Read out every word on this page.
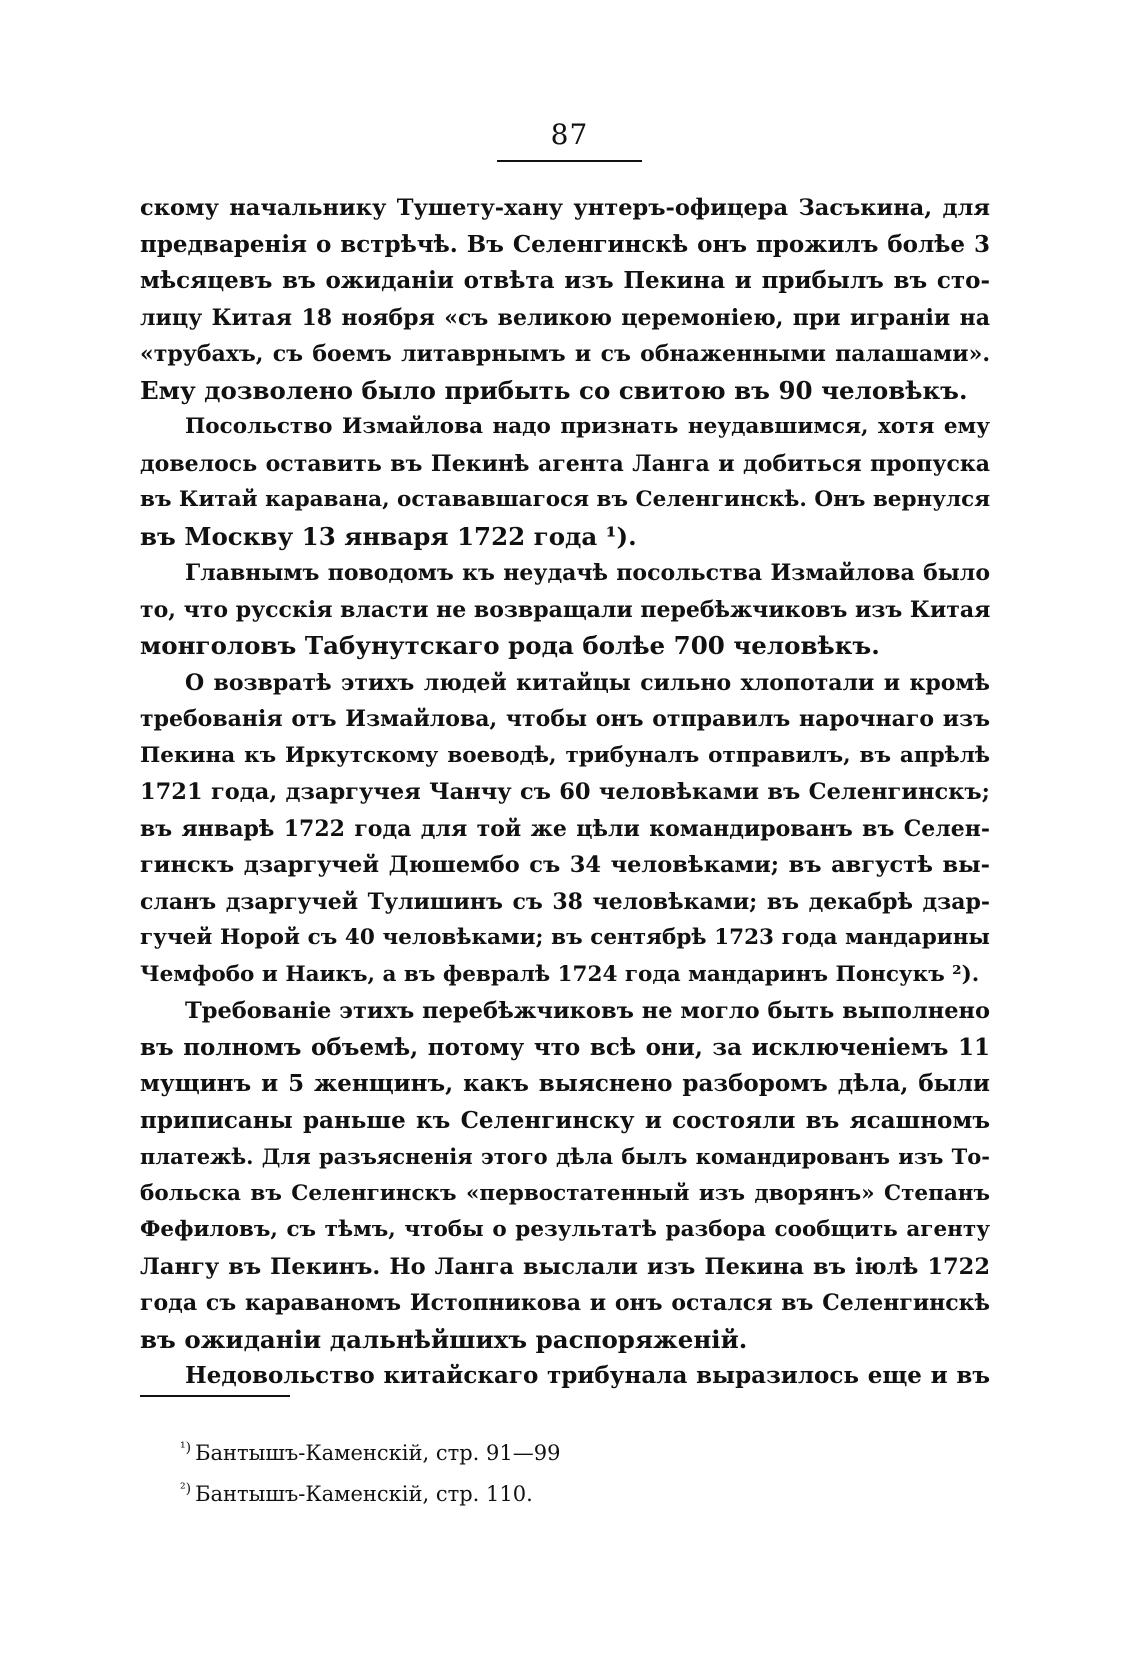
87
скому начальнику Тушету-хану унтеръ-офицера Засъкина, для
предваренія о встрѣчѣ. Въ Селенгинскѣ онъ прожилъ болѣе 3
мѣсяцевъ въ ожиданіи отвѣта изъ Пекина и прибылъ въ сто-
лицу Китая 18 ноября «съ великою церемоніею, при играніи на
«трубахъ, съ боемъ литаврнымъ и съ обнаженными палашами».
Ему дозволено было прибыть со свитою въ 90 человѣкъ.
Посольство Измайлова надо признать неудавшимся, хотя ему
довелось оставить въ Пекинѣ агента Ланга и добиться пропуска
въ Китай каравана, остававшагося въ Селенгинскѣ. Онъ вернулся
въ Москву 13 января 1722 года ¹).
Главнымъ поводомъ къ неудачѣ посольства Измайлова было
то, что русскія власти не возвращали перебѣжчиковъ изъ Китая
монголовъ Табунутскаго рода болѣе 700 человѣкъ.
О возвратѣ этихъ людей китайцы сильно хлопотали и кромѣ
требованія отъ Измайлова, чтобы онъ отправилъ нарочнаго изъ
Пекина къ Иркутскому воеводѣ, трибуналъ отправилъ, въ апрѣлѣ
1721 года, дзаргучея Чанчу съ 60 человѣками въ Селенгинскъ;
въ январѣ 1722 года для той же цѣли командированъ въ Селен-
гинскъ дзаргучей Дюшембо съ 34 человѣками; въ августѣ вы-
сланъ дзаргучей Тулишинъ съ 38 человѣками; въ декабрѣ дзар-
гучей Норой съ 40 человѣками; въ сентябрѣ 1723 года мандарины
Чемфобо и Наикъ, а въ февралѣ 1724 года мандаринъ Понсукъ ²).
Требованіе этихъ перебѣжчиковъ не могло быть выполнено
въ полномъ объемѣ, потому что всѣ они, за исключеніемъ 11
мущинъ и 5 женщинъ, какъ выяснено разборомъ дѣла, были
приписаны раньше къ Селенгинску и состояли въ ясашномъ
платежѣ. Для разъясненія этого дѣла былъ командированъ изъ То-
больска въ Селенгинскъ «первостатенный изъ дворянъ» Степанъ
Фефиловъ, съ тѣмъ, чтобы о результатѣ разбора сообщить агенту
Лангу въ Пекинъ. Но Ланга выслали изъ Пекина въ іюлѣ 1722
года съ караваномъ Истопникова и онъ остался въ Селенгинскѣ
въ ожиданіи дальнѣйшихъ распоряженій.
Недовольство китайскаго трибунала выразилось еще и въ
$^{^1)}$ Бантышъ-Каменскій, стр. 91—99
$^{^2)}$ Бантышъ-Каменскій, стр. 110.
